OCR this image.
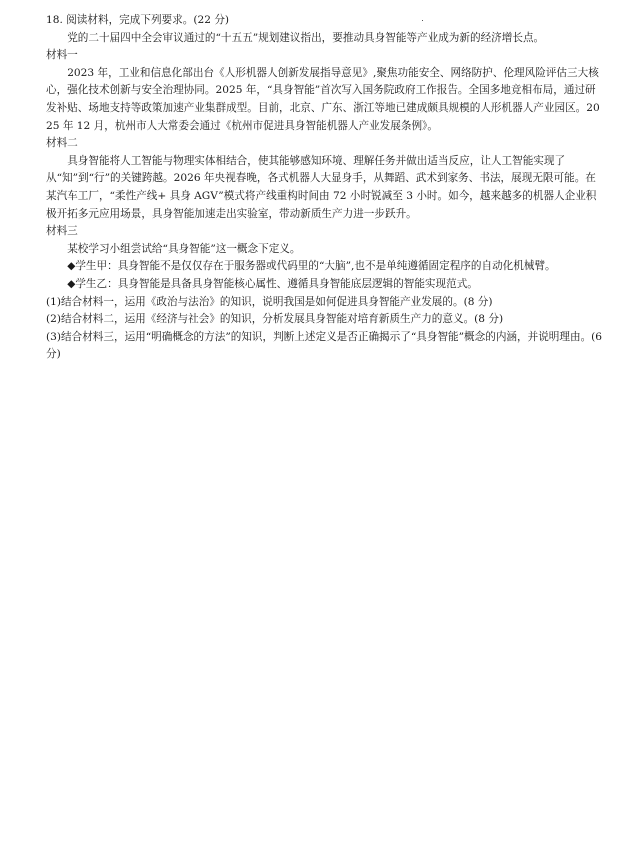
18. 阅读材料，完成下列要求。(22 分)
党的二十届四中全会审议通过的“十五五”规划建议指出，要推动具身智能等产业成为新的经济增长点。
材料一
2023 年，工业和信息化部出台《人形机器人创新发展指导意见》,聚焦功能安全、网络防护、伦理风险评估三大核心，强化技术创新与安全治理协同。2025 年，“具身智能”首次写入国务院政府工作报告。全国多地竞相布局，通过研发补贴、场地支持等政策加速产业集群成型。目前，北京、广东、浙江等地已建成颇具规模的人形机器人产业园区。2025 年 12 月，杭州市人大常委会通过《杭州市促进具身智能机器人产业发展条例》。
材料二
具身智能将人工智能与物理实体相结合，使其能够感知环境、理解任务并做出适当反应，让人工智能实现了从“知”到“行”的关键跨越。2026 年央视春晚，各式机器人大显身手，从舞蹈、武术到家务、书法，展现无限可能。在某汽车工厂，“柔性产线+ 具身 AGV”模式将产线重构时间由 72 小时锐减至 3 小时。如今，越来越多的机器人企业积极开拓多元应用场景，具身智能加速走出实验室，带动新质生产力进一步跃升。
材料三
某校学习小组尝试给“具身智能”这一概念下定义。
◆学生甲：具身智能不是仅仅存在于服务器或代码里的“大脑”,也不是单纯遵循固定程序的自动化机械臂。
◆学生乙：具身智能是具备具身智能核心属性、遵循具身智能底层逻辑的智能实现范式。
(1)结合材料一，运用《政治与法治》的知识，说明我国是如何促进具身智能产业发展的。(8 分)
(2)结合材料二，运用《经济与社会》的知识，分析发展具身智能对培育新质生产力的意义。(8 分)
(3)结合材料三，运用“明确概念的方法”的知识，判断上述定义是否正确揭示了“具身智能”概念的内涵，并说明理由。(6 分)
